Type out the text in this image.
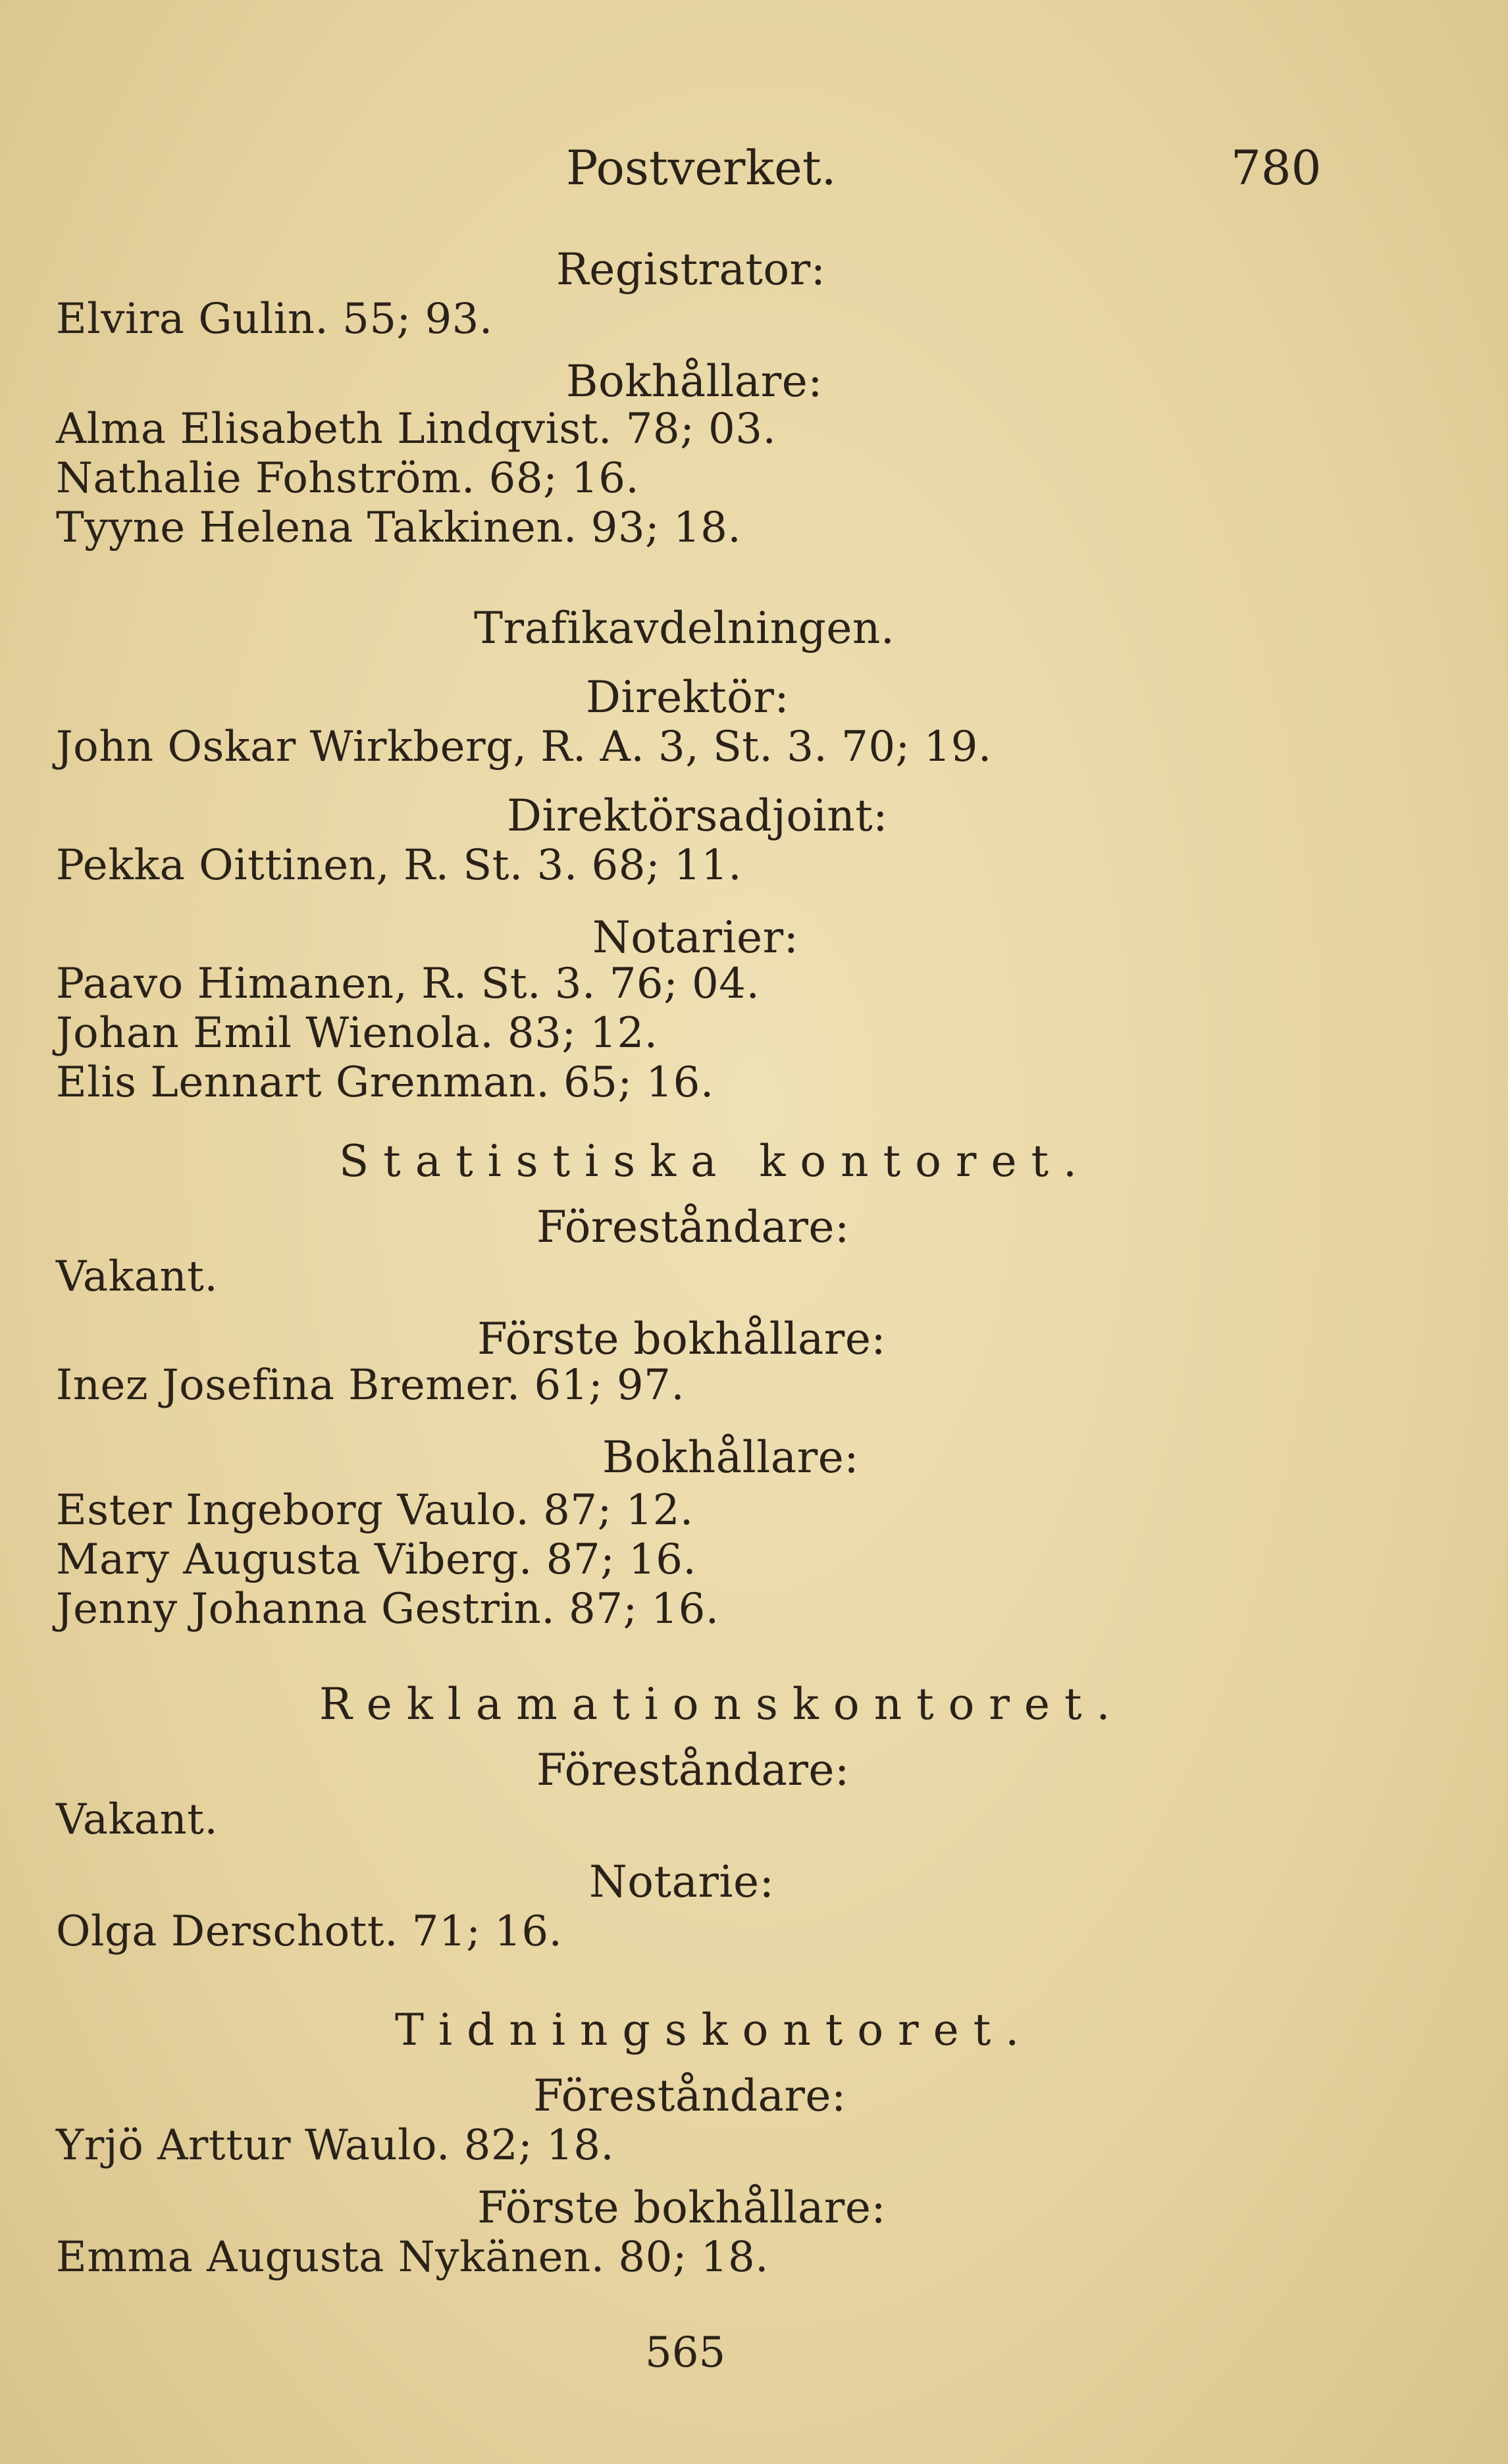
Postverket.	780
Registrator:
Elvira Gulin. 55; 93.
Bokhållare:
Alma Elisabeth Lindqvist. 78; 03.
Nathalie Fohström. 68; 16.
Tyyne Helena Takkinen. 93; 18.
Trafikavdelningen.
Direktör:
John Oskar Wirkberg, R. A. 3, St. 3. 70; 19.
Direktörsadjoint:
Pekka Oittinen, R. St. 3. 68; 11.
Notarier:
Paavo Himanen, R. St. 3. 76; 04.
Johan Emil Wienola. 83; 12.
Elis Lennart Grenman. 65; 16.
Statistiska kontoret.
Föreståndare:
Vakant.
Förste bokhållare:
Inez Josefina Bremer. 61; 97.
Bokhållare:
Ester Ingeborg Vaulo. 87; 12.
Mary Augusta Viberg. 87; 16.
Jenny Johanna Gestrin. 87; 16.
Reklamationskontoret.
Föreståndare:
Vakant.
Notarie:
Olga Derschott. 71; 16.
Tidningskontoret.
Föreståndare:
Yrjö Arttur Waulo. 82; 18.
Förste bokhållare:
Emma Augusta Nykänen. 80; 18.
565
